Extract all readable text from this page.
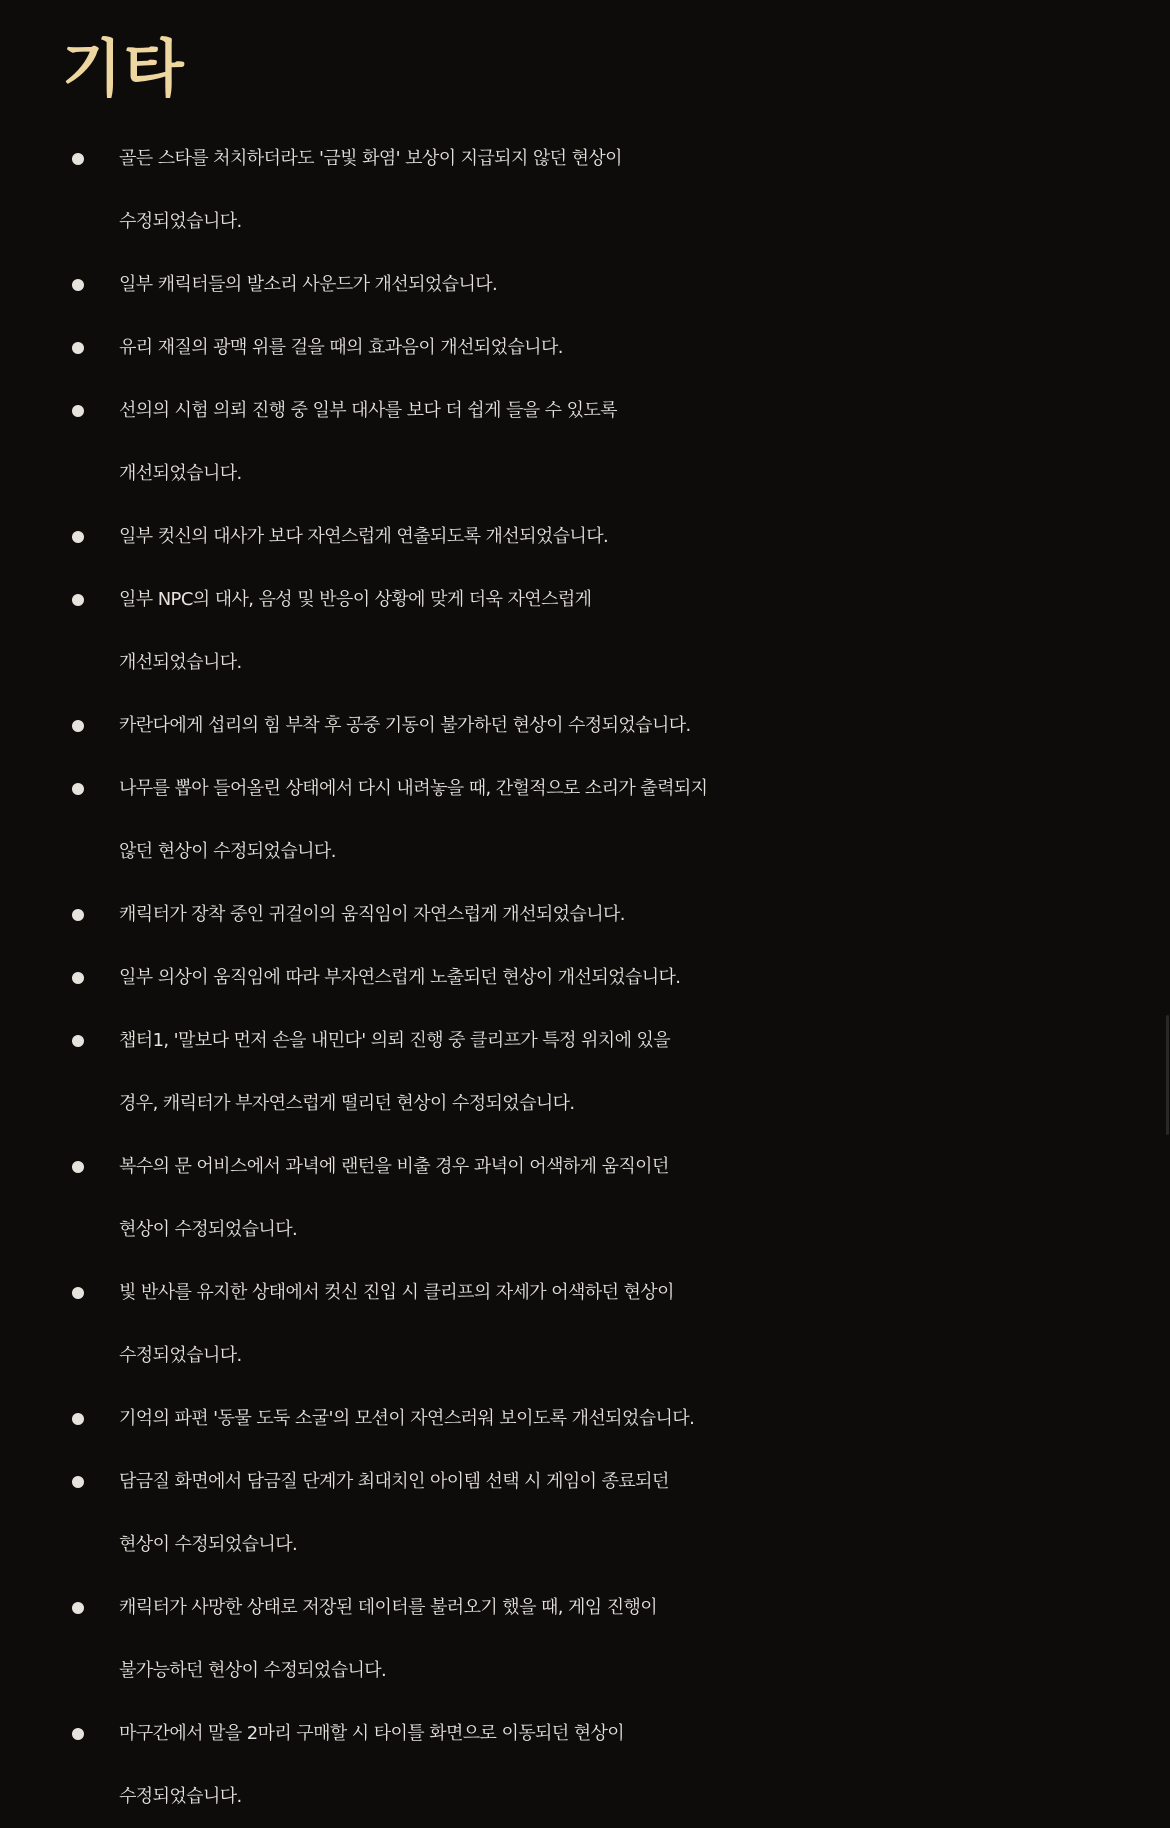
기타
골든 스타를 처치하더라도 '금빛 화염' 보상이 지급되지 않던 현상이
수정되었습니다.
일부 캐릭터들의 발소리 사운드가 개선되었습니다.
유리 재질의 광맥 위를 걸을 때의 효과음이 개선되었습니다.
선의의 시험 의뢰 진행 중 일부 대사를 보다 더 쉽게 들을 수 있도록
개선되었습니다.
일부 컷신의 대사가 보다 자연스럽게 연출되도록 개선되었습니다.
일부 NPC의 대사, 음성 및 반응이 상황에 맞게 더욱 자연스럽게
개선되었습니다.
카란다에게 섭리의 힘 부착 후 공중 기동이 불가하던 현상이 수정되었습니다.
나무를 뽑아 들어올린 상태에서 다시 내려놓을 때, 간헐적으로 소리가 출력되지
않던 현상이 수정되었습니다.
캐릭터가 장착 중인 귀걸이의 움직임이 자연스럽게 개선되었습니다.
일부 의상이 움직임에 따라 부자연스럽게 노출되던 현상이 개선되었습니다.
챕터1, '말보다 먼저 손을 내민다' 의뢰 진행 중 클리프가 특정 위치에 있을
경우, 캐릭터가 부자연스럽게 떨리던 현상이 수정되었습니다.
복수의 문 어비스에서 과녁에 랜턴을 비출 경우 과녁이 어색하게 움직이던
현상이 수정되었습니다.
빛 반사를 유지한 상태에서 컷신 진입 시 클리프의 자세가 어색하던 현상이
수정되었습니다.
기억의 파편 '동물 도둑 소굴'의 모션이 자연스러워 보이도록 개선되었습니다.
담금질 화면에서 담금질 단계가 최대치인 아이템 선택 시 게임이 종료되던
현상이 수정되었습니다.
캐릭터가 사망한 상태로 저장된 데이터를 불러오기 했을 때, 게임 진행이
불가능하던 현상이 수정되었습니다.
마구간에서 말을 2마리 구매할 시 타이틀 화면으로 이동되던 현상이
수정되었습니다.
